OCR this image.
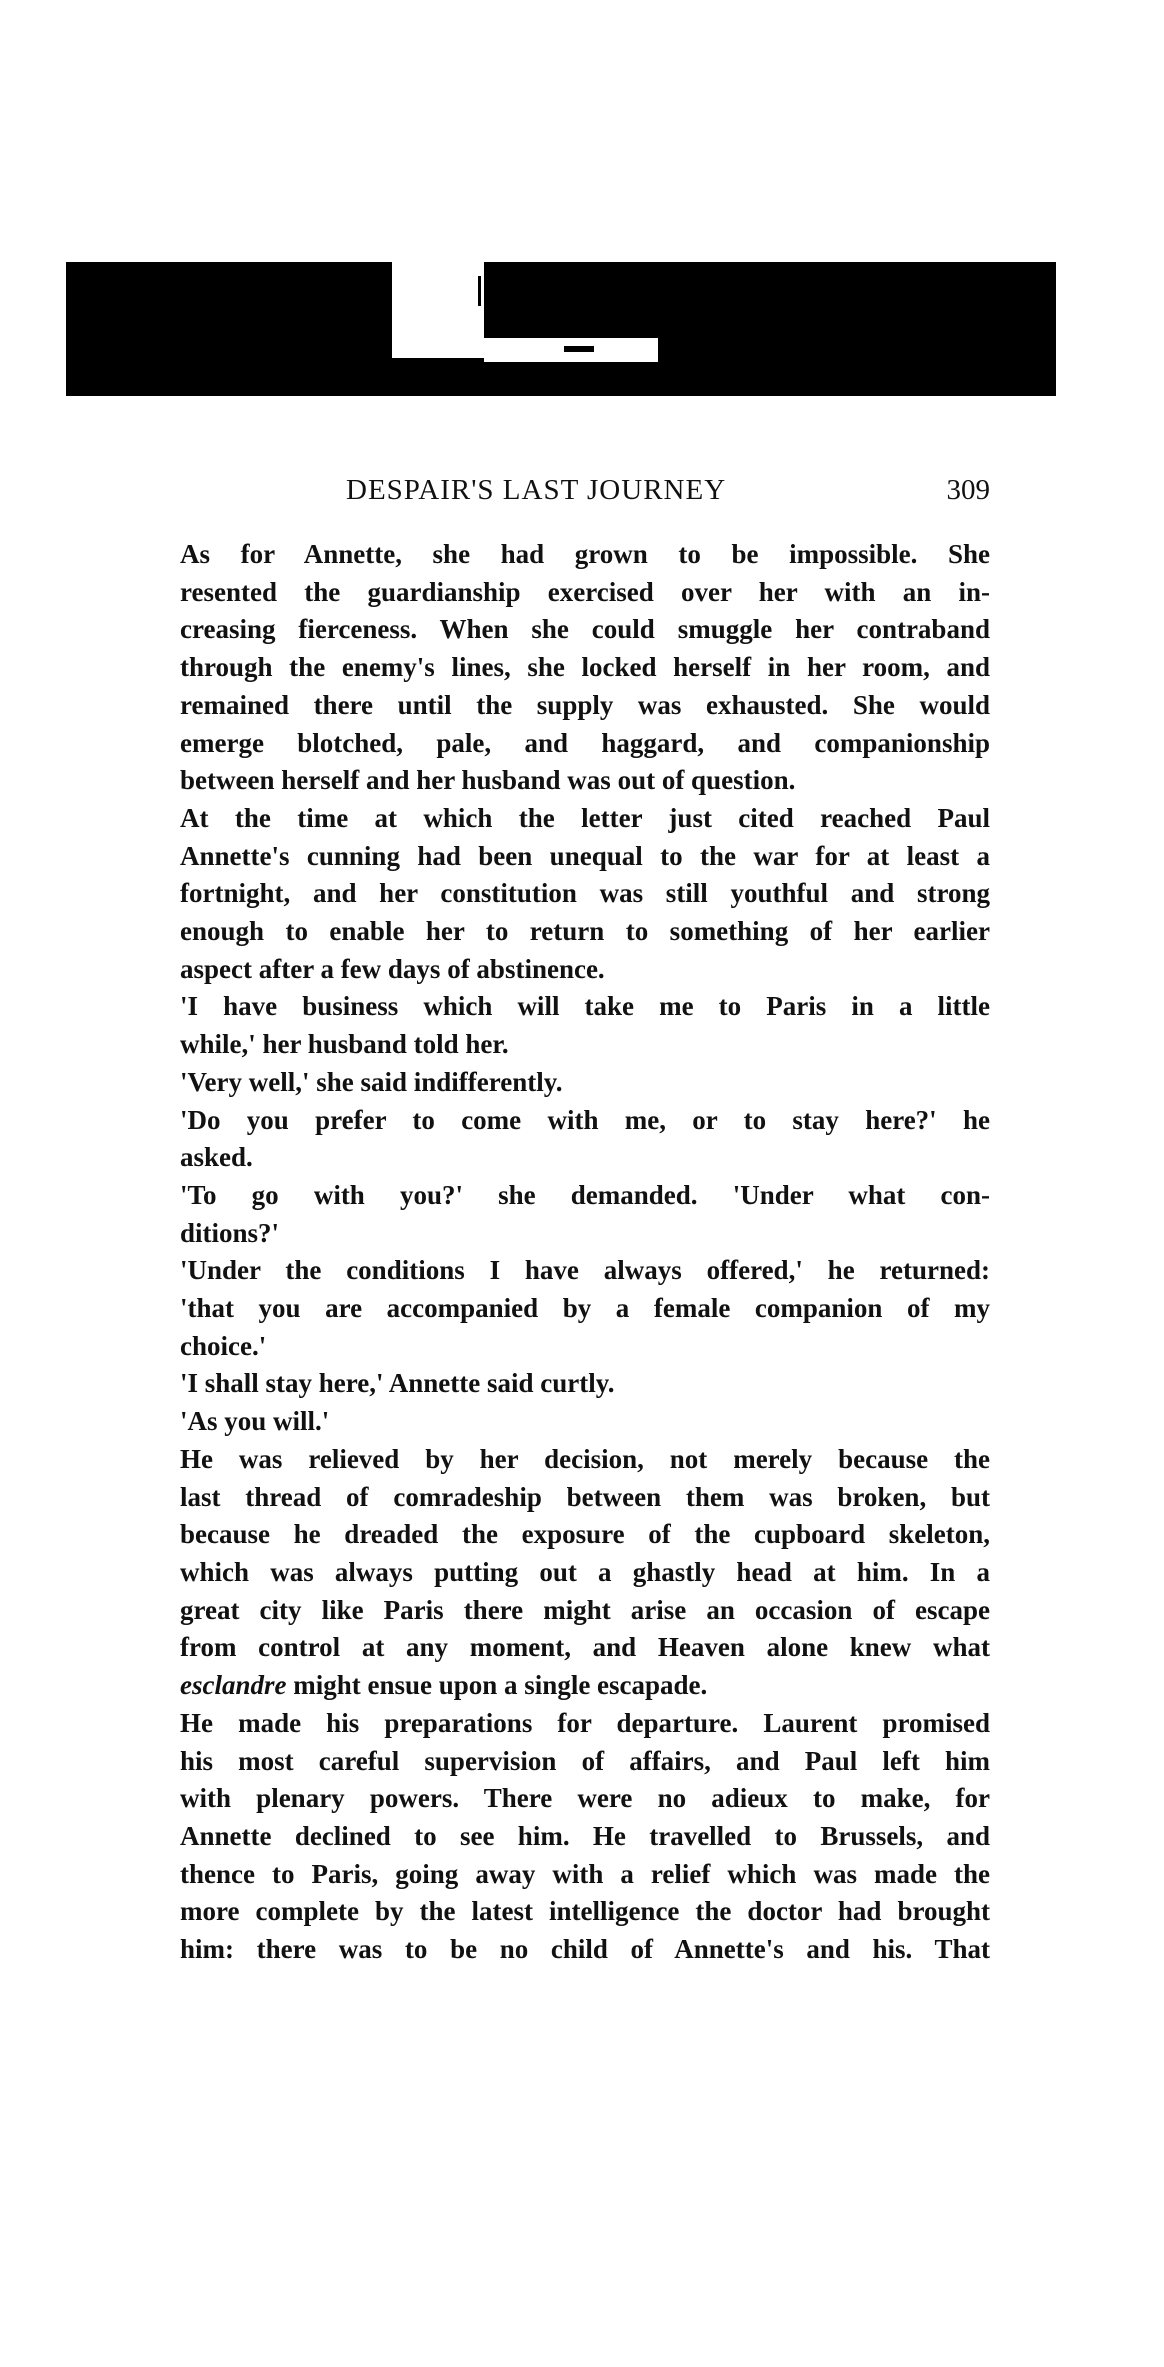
DESPAIR'S LAST JOURNEY	309

As for Annette, she had grown to be impossible. She
resented the guardianship exercised over her with an in-
creasing fierceness. When she could smuggle her contraband
through the enemy's lines, she locked herself in her room, and
remained there until the supply was exhausted. She would
emerge blotched, pale, and haggard, and companionship
between herself and her husband was out of question.

At the time at which the letter just cited reached Paul
Annette's cunning had been unequal to the war for at least a
fortnight, and her constitution was still youthful and strong
enough to enable her to return to something of her earlier
aspect after a few days of abstinence.

'I have business which will take me to Paris in a little
while,' her husband told her.

'Very well,' she said indifferently.

'Do you prefer to come with me, or to stay here?' he
asked.

'To go with you?' she demanded. 'Under what con-
ditions?'

'Under the conditions I have always offered,' he returned:
'that you are accompanied by a female companion of my
choice.'

'I shall stay here,' Annette said curtly.

'As you will.'

He was relieved by her decision, not merely because the
last thread of comradeship between them was broken, but
because he dreaded the exposure of the cupboard skeleton,
which was always putting out a ghastly head at him. In a
great city like Paris there might arise an occasion of escape
from control at any moment, and Heaven alone knew what
esclandre might ensue upon a single escapade.

He made his preparations for departure. Laurent promised
his most careful supervision of affairs, and Paul left him
with plenary powers. There were no adieux to make, for
Annette declined to see him. He travelled to Brussels, and
thence to Paris, going away with a relief which was made the
more complete by the latest intelligence the doctor had brought
him: there was to be no child of Annette's and his. That
